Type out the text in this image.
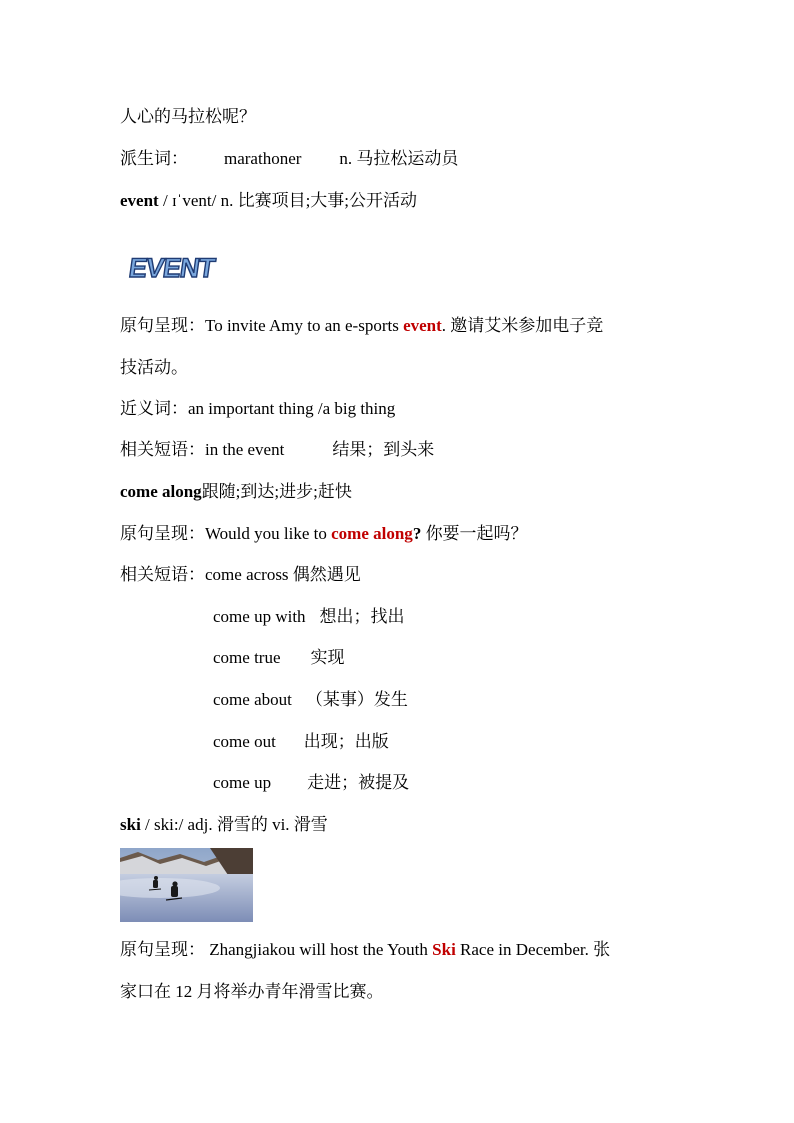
人心的马拉松呢？
派生词： marathoner n. 马拉松运动员
event / ɪˈvent/ n. 比赛项目;大事;公开活动
EVENT
原句呈现：To invite Amy to an e-sports event. 邀请艾米参加电子竞
技活动。
近义词：an important thing /a big thing
相关短语：in the event	结果；到头来
come along跟随;到达;进步;赶快
原句呈现：Would you like to come along? 你要一起吗？
相关短语：come across 偶然遇见
come up with 想出；找出
come true 实现
come about （某事）发生
come out 出现；出版
come up 走进；被提及
ski / ski:/ adj. 滑雪的 vi. 滑雪
原句呈现： Zhangjiakou will host the Youth Ski Race in December. 张
家口在 12 月将举办青年滑雪比赛。
